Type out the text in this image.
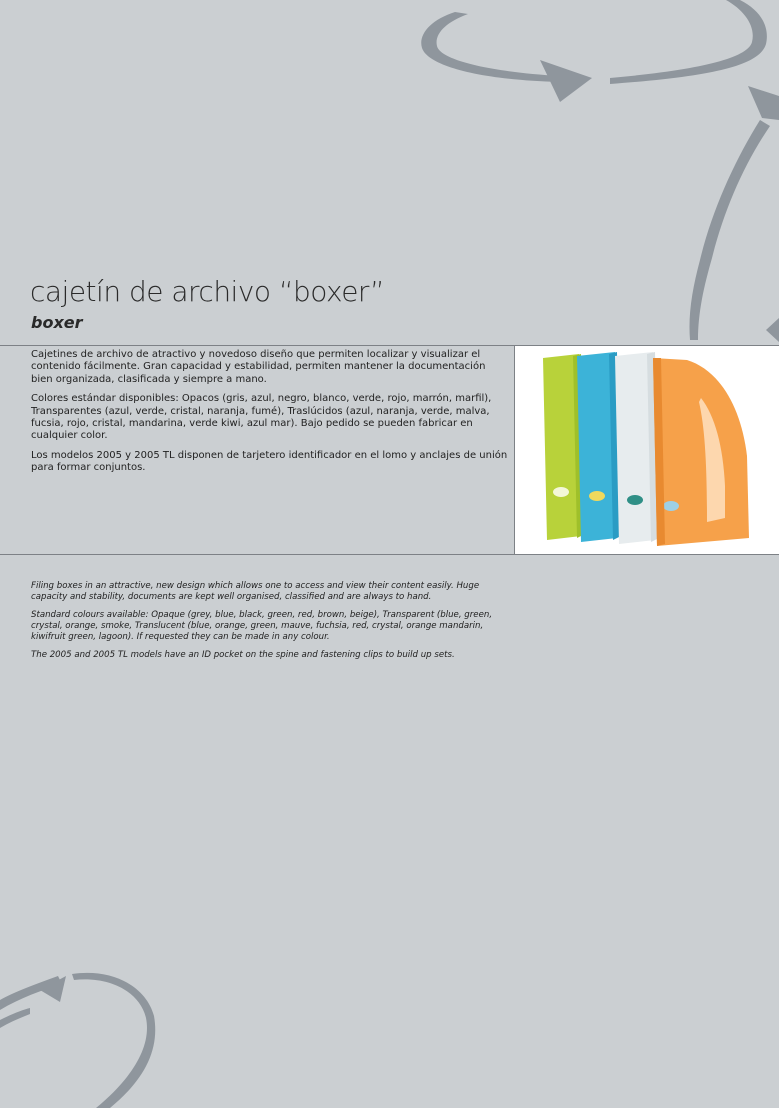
cajetín de archivo “boxer”
boxer

Cajetines de archivo de atractivo y novedoso diseño que permiten localizar y visualizar el contenido fácilmente. Gran capacidad y estabilidad, permiten mantener la documentación bien organizada, clasificada y siempre a mano.

Colores estándar disponibles: Opacos (gris, azul, negro, blanco, verde, rojo, marrón, marfil), Transparentes (azul, verde, cristal, naranja, fumé), Traslúcidos (azul, naranja, verde, malva, fucsia, rojo, cristal, mandarina, verde kiwi, azul mar). Bajo pedido se pueden fabricar en cualquier color.

Los modelos 2005 y 2005 TL disponen de tarjetero identificador en el lomo y anclajes de unión para formar conjuntos.

Filing boxes in an attractive, new design which allows one to access and view their content easily. Huge capacity and stability, documents are kept well organised, classified and are always to hand.

Standard colours available: Opaque (grey, blue, black, green, red, brown, beige), Transparent (blue, green, crystal, orange, smoke, Translucent (blue, orange, green, mauve, fuchsia, red, crystal, orange mandarin, kiwifruit green, lagoon). If requested they can be made in any colour.

The 2005 and 2005 TL models have an ID pocket on the spine and fastening clips to build up sets.
